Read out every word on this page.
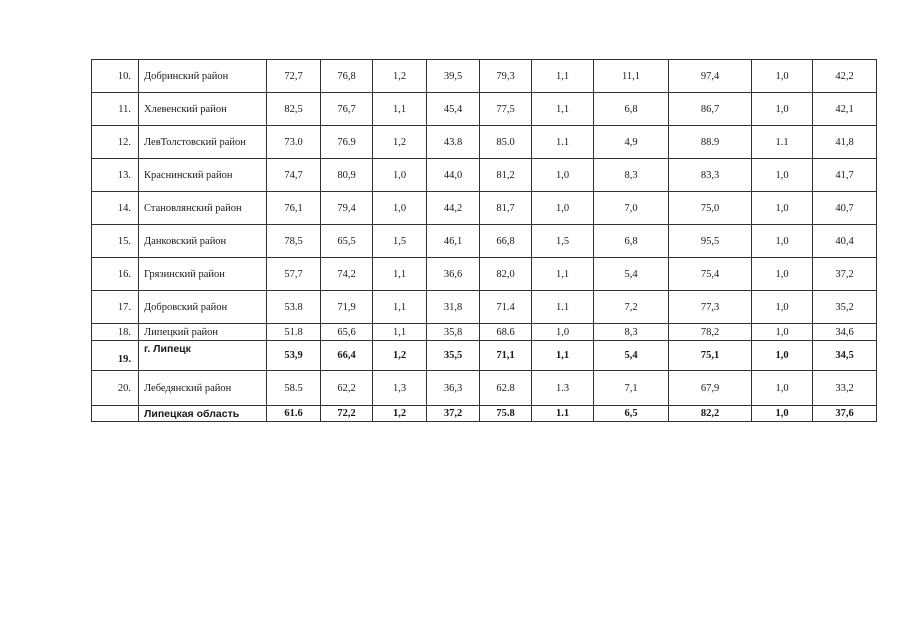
10.	Добринский район	72,7	76,8	1,2	39,5	79,3	1,1	11,1	97,4	1,0	42,2
11.	Хлевенский район	82,5	76,7	1,1	45,4	77,5	1,1	6,8	86,7	1,0	42,1
12.	ЛевТолстовский район	73.0	76.9	1,2	43.8	85.0	1.1	4,9	88.9	1.1	41,8
13.	Краснинский район	74,7	80,9	1,0	44,0	81,2	1,0	8,3	83,3	1,0	41,7
14.	Становлянский район	76,1	79,4	1,0	44,2	81,7	1,0	7,0	75,0	1,0	40,7
15.	Данковский район	78,5	65,5	1,5	46,1	66,8	1,5	6,8	95,5	1,0	40,4
16.	Грязинский район	57,7	74,2	1,1	36,6	82,0	1,1	5,4	75,4	1,0	37,2
17.	Добровский район	53.8	71,9	1,1	31,8	71.4	1.1	7,2	77,3	1,0	35,2
18.	Липецкий район	51.8	65,6	1,1	35,8	68.6	1,0	8,3	78,2	1,0	34,6
19.	г. Липецк	53,9	66,4	1,2	35,5	71,1	1,1	5,4	75,1	1,0	34,5
20.	Лебедянский район	58.5	62,2	1,3	36,3	62.8	1.3	7,1	67,9	1,0	33,2
	Липецкая область	61.6	72,2	1,2	37,2	75.8	1.1	6,5	82,2	1,0	37,6
